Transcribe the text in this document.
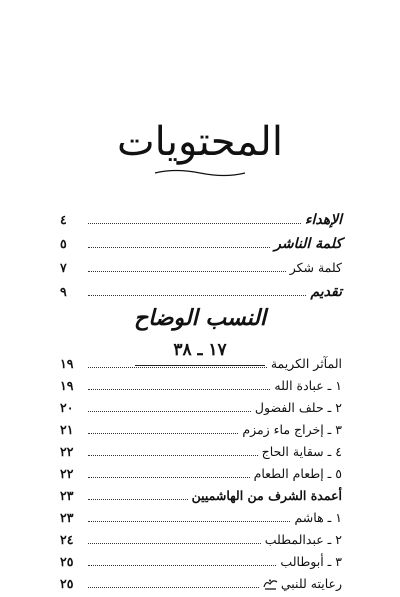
المحتويات
الإهداء
٤
كلمة الناشر
٥
كلمة شكر
٧
تقديم
٩
النسب الوضاح
١٧ ـ ٣٨
المآثر الكريمة
١٩
١ ـ عبادة الله
١٩
٢ ـ حلف الفضول
٢٠
٣ ـ إخراج ماء زمزم
٢١
٤ ـ سقاية الحاج
٢٢
٥ ـ إطعام الطعام
٢٢
أعمدة الشرف من الهاشميين
٢٣
١ ـ هاشم
٢٣
٢ ـ عبدالمطلب
٢٤
٣ ـ أبوطالب
٢٥
رعايته للنبي
٢٥
